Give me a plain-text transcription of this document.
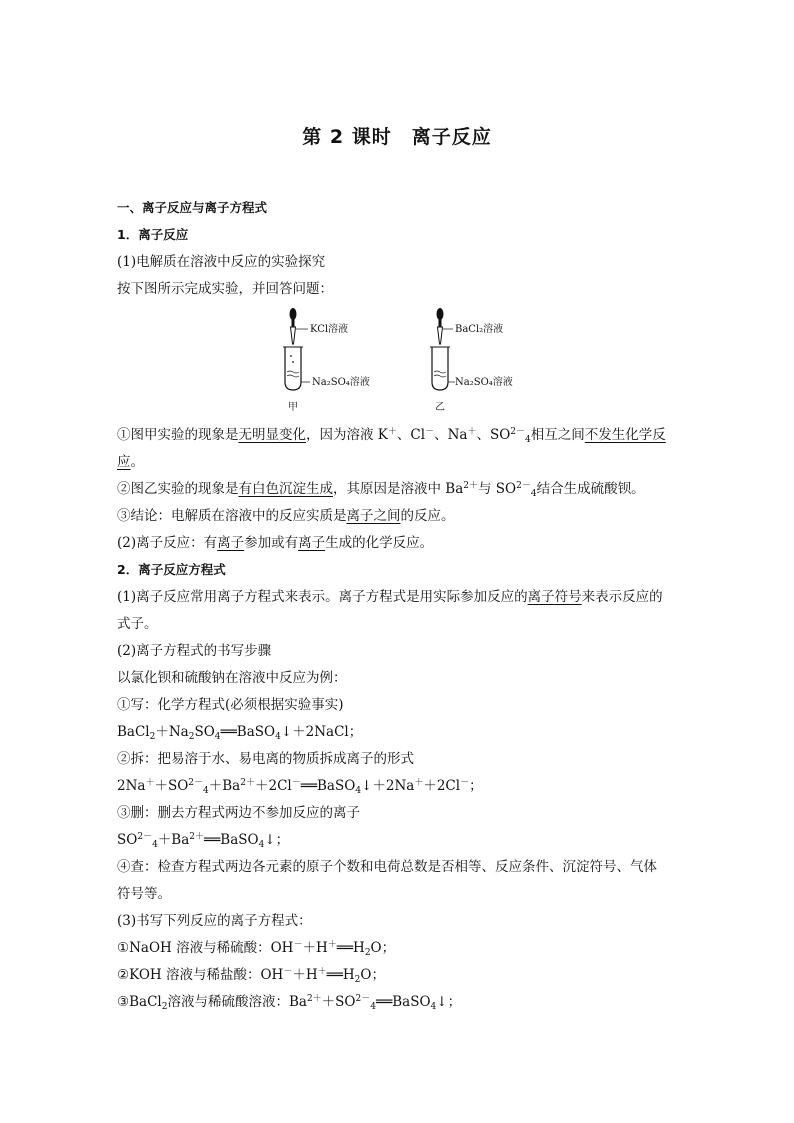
第 2 课时　离子反应
一、离子反应与离子方程式
1．离子反应
(1)电解质在溶液中反应的实验探究
按下图所示完成实验，并回答问题：
KCl溶液
Na₂SO₄溶液
甲
BaCl₂溶液
Na₂SO₄溶液
乙
①图甲实验的现象是无明显变化，因为溶液 K＋、Cl－、Na＋、$SO^{2-}_4$相互之间不发生化学反
应。
②图乙实验的现象是有白色沉淀生成，其原因是溶液中 $Ba^{2+}$与 $SO^{2-}_4$结合生成硫酸钡。
③结论：电解质在溶液中的反应实质是离子之间的反应。
(2)离子反应：有离子参加或有离子生成的化学反应。
2．离子反应方程式
(1)离子反应常用离子方程式来表示。离子方程式是用实际参加反应的离子符号来表示反应的
式子。
(2)离子方程式的书写步骤
以氯化钡和硫酸钠在溶液中反应为例：
①写：化学方程式(必须根据实验事实)
$BaCl_2+Na_2SO_4══BaSO_4↓+2NaCl$；
②拆：把易溶于水、易电离的物质拆成离子的形式
$2Na^++SO^{2-}_4+Ba^{2+}+2Cl^-══BaSO_4↓+2Na^++2Cl^-$；
③删：删去方程式两边不参加反应的离子
$SO^{2-}_4+Ba^{2+}══BaSO_4↓$；
④查：检查方程式两边各元素的原子个数和电荷总数是否相等、反应条件、沉淀符号、气体
符号等。
(3)书写下列反应的离子方程式：
①NaOH 溶液与稀硫酸：$OH^-+H^+══H_2O$；
②KOH 溶液与稀盐酸：$OH^-+H^+══H_2O$；
③BaCl$_2$溶液与稀硫酸溶液：$Ba^{2+}+SO^{2-}_4══BaSO_4↓$；
